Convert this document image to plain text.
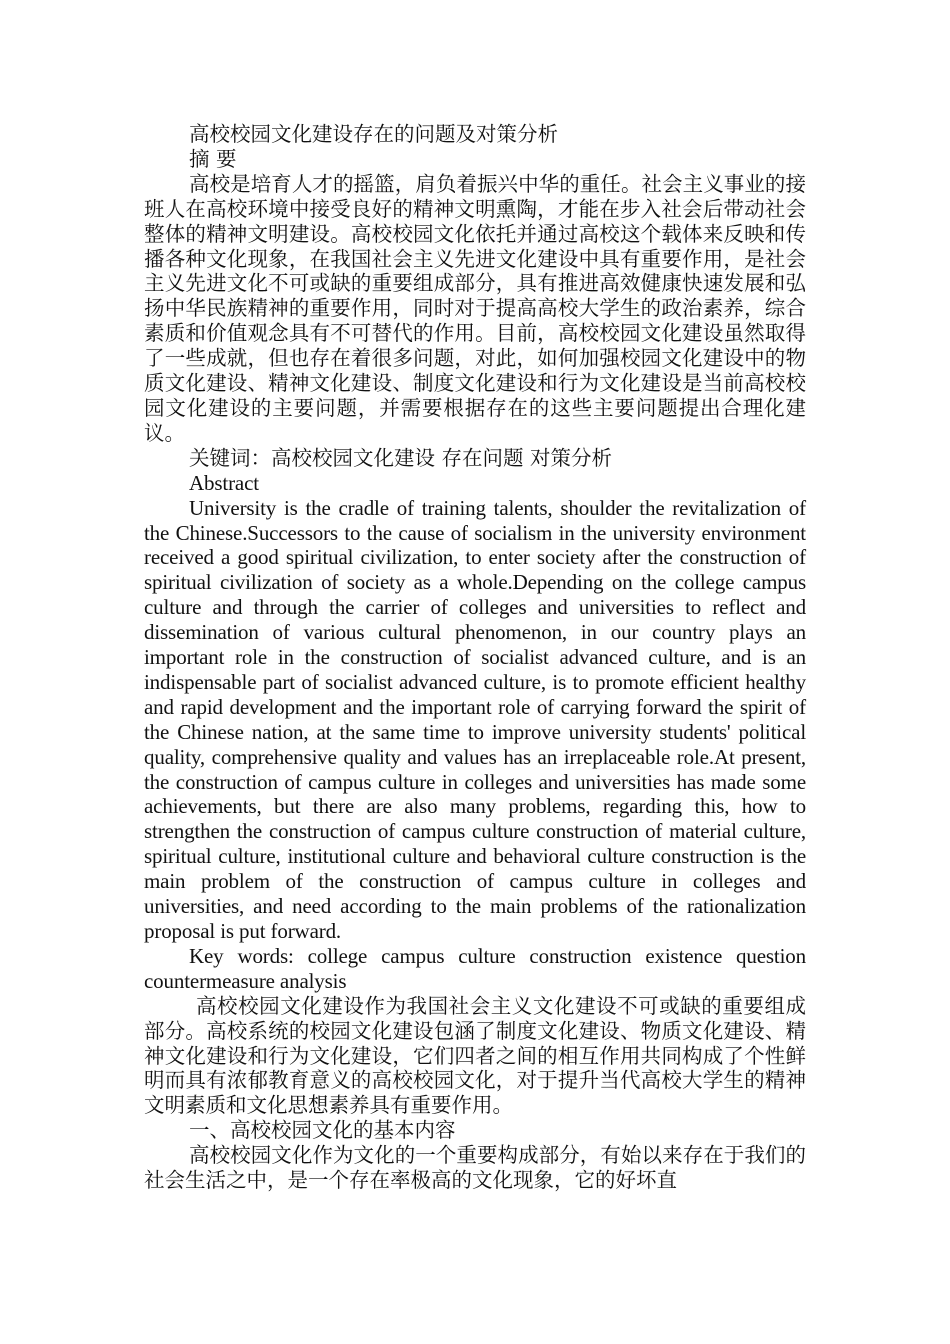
高校校园文化建设存在的问题及对策分析

摘 要

高校是培育人才的摇篮，肩负着振兴中华的重任。社会主义事业的接班人在高校环境中接受良好的精神文明熏陶，才能在步入社会后带动社会整体的精神文明建设。高校校园文化依托并通过高校这个载体来反映和传播各种文化现象，在我国社会主义先进文化建设中具有重要作用，是社会主义先进文化不可或缺的重要组成部分，具有推进高效健康快速发展和弘扬中华民族精神的重要作用，同时对于提高高校大学生的政治素养，综合素质和价值观念具有不可替代的作用。目前，高校校园文化建设虽然取得了一些成就，但也存在着很多问题，对此，如何加强校园文化建设中的物质文化建设、精神文化建设、制度文化建设和行为文化建设是当前高校校园文化建设的主要问题，并需要根据存在的这些主要问题提出合理化建议。

关键词：高校校园文化建设 存在问题 对策分析

Abstract

University is the cradle of training talents, shoulder the revitalization of the Chinese.Successors to the cause of socialism in the university environment received a good spiritual civilization, to enter society after the construction of spiritual civilization of society as a whole.Depending on the college campus culture and through the carrier of colleges and universities to reflect and dissemination of various cultural phenomenon, in our country plays an important role in the construction of socialist advanced culture, and is an indispensable part of socialist advanced culture, is to promote efficient healthy and rapid development and the important role of carrying forward the spirit of the Chinese nation, at the same time to improve university students' political quality, comprehensive quality and values has an irreplaceable role.At present, the construction of campus culture in colleges and universities has made some achievements, but there are also many problems, regarding this, how to strengthen the construction of campus culture construction of material culture, spiritual culture, institutional culture and behavioral culture construction is the main problem of the construction of campus culture in colleges and universities, and need according to the main problems of the rationalization proposal is put forward.

Key words: college campus culture construction existence question countermeasure analysis

高校校园文化建设作为我国社会主义文化建设不可或缺的重要组成部分。高校系统的校园文化建设包涵了制度文化建设、物质文化建设、精神文化建设和行为文化建设，它们四者之间的相互作用共同构成了个性鲜明而具有浓郁教育意义的高校校园文化，对于提升当代高校大学生的精神文明素质和文化思想素养具有重要作用。

一、高校校园文化的基本内容

高校校园文化作为文化的一个重要构成部分，有始以来存在于我们的社会生活之中，是一个存在率极高的文化现象，它的好坏直
